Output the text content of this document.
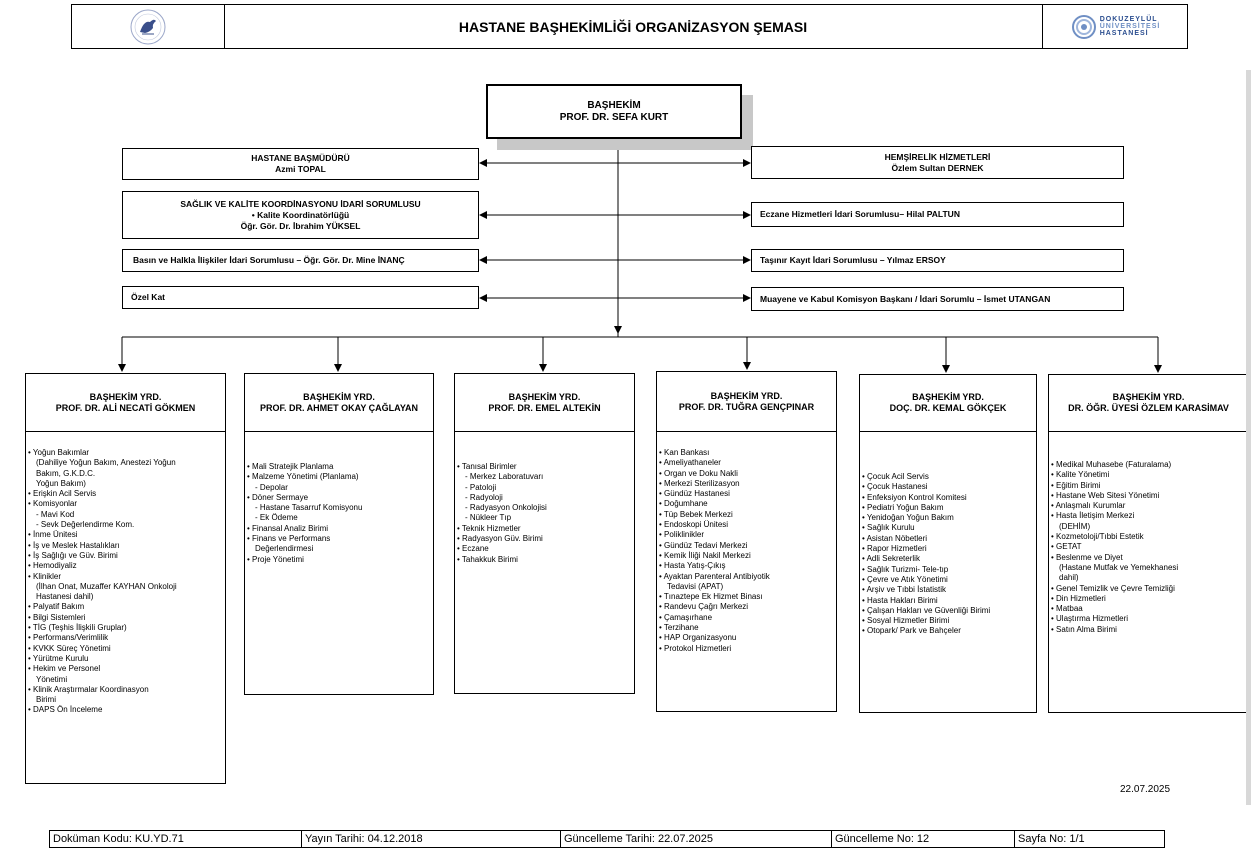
HASTANE BAŞHEKİMLİĞİ ORGANİZASYON ŞEMASI	DOKUZEYLÜL
ÜNİVERSİTESİ
HASTANESİ
BAŞHEKİM
PROF. DR. SEFA KURT
HASTANE BAŞMÜDÜRÜ
Azmi TOPAL
SAĞLIK VE KALİTE KOORDİNASYONU İDARİ SORUMLUSU
• Kalite Koordinatörlüğü
Öğr. Gör. Dr. İbrahim YÜKSEL
Basın ve Halkla İlişkiler İdari Sorumlusu – Öğr. Gör. Dr. Mine İNANÇ
Özel Kat
HEMŞİRELİK HİZMETLERİ
Özlem Sultan DERNEK
Eczane Hizmetleri İdari Sorumlusu– Hilal PALTUN
Taşınır Kayıt İdari Sorumlusu – Yılmaz ERSOY
Muayene ve Kabul Komisyon Başkanı / İdari Sorumlu – İsmet UTANGAN
BAŞHEKİM YRD.
PROF. DR. ALİ NECATİ GÖKMEN
• Yoğun Bakımlar
(Dahiliye Yoğun Bakım, Anestezi Yoğun
Bakım, G.K.D.C.
Yoğun Bakım)
• Erişkin Acil Servis
• Komisyonlar
- Mavi Kod
- Sevk Değerlendirme Kom.
• İnme Ünitesi
• İş ve Meslek Hastalıkları
• İş Sağlığı ve Güv. Birimi
• Hemodiyaliz
• Klinikler
(İlhan Onat, Muzaffer KAYHAN Onkoloji
Hastanesi dahil)
• Palyatif Bakım
• Bilgi Sistemleri
• TİG (Teşhis İlişkili Gruplar)
• Performans/Verimlilik
• KVKK Süreç Yönetimi
• Yürütme Kurulu
• Hekim ve Personel
Yönetimi
• Klinik Araştırmalar Koordinasyon
Birimi
• DAPS Ön İnceleme
BAŞHEKİM YRD.
PROF. DR. AHMET OKAY ÇAĞLAYAN
• Mali Stratejik Planlama
• Malzeme Yönetimi (Planlama)
- Depolar
• Döner Sermaye
- Hastane Tasarruf Komisyonu
- Ek Ödeme
• Finansal Analiz Birimi
• Finans ve Performans
Değerlendirmesi
• Proje Yönetimi
BAŞHEKİM YRD.
PROF. DR. EMEL ALTEKİN
• Tanısal Birimler
- Merkez Laboratuvarı
- Patoloji
- Radyoloji
- Radyasyon Onkolojisi
- Nükleer Tıp
• Teknik Hizmetler
• Radyasyon Güv. Birimi
• Eczane
• Tahakkuk Birimi
BAŞHEKİM YRD.
PROF. DR. TUĞRA GENÇPINAR
• Kan Bankası
• Ameliyathaneler
• Organ ve Doku Nakli
• Merkezi Sterilizasyon
• Gündüz Hastanesi
• Doğumhane
• Tüp Bebek Merkezi
• Endoskopi Ünitesi
• Poliklinikler
• Gündüz Tedavi Merkezi
• Kemik İliği Nakil Merkezi
• Hasta Yatış-Çıkış
• Ayaktan Parenteral Antibiyotik
Tedavisi (APAT)
• Tınaztepe Ek Hizmet Binası
• Randevu Çağrı Merkezi
• Çamaşırhane
• Terzihane
• HAP Organizasyonu
• Protokol Hizmetleri
BAŞHEKİM YRD.
DOÇ. DR. KEMAL GÖKÇEK
• Çocuk Acil Servis
• Çocuk Hastanesi
• Enfeksiyon Kontrol Komitesi
• Pediatri Yoğun Bakım
• Yenidoğan Yoğun Bakım
• Sağlık Kurulu
• Asistan Nöbetleri
• Rapor Hizmetleri
• Adli Sekreterlik
• Sağlık Turizmi- Tele-tıp
• Çevre ve Atık Yönetimi
• Arşiv ve Tıbbi İstatistik
• Hasta Hakları Birimi
• Çalışan Hakları ve Güvenliği Birimi
• Sosyal Hizmetler Birimi
• Otopark/ Park ve Bahçeler
BAŞHEKİM YRD.
DR. ÖĞR. ÜYESİ ÖZLEM KARASİMAV
• Medikal Muhasebe (Faturalama)
• Kalite Yönetimi
• Eğitim Birimi
• Hastane Web Sitesi Yönetimi
• Anlaşmalı Kurumlar
• Hasta İletişim Merkezi
(DEHİM)
• Kozmetoloji/Tıbbi Estetik
• GETAT
• Beslenme ve Diyet
(Hastane Mutfak ve Yemekhanesi
dahil)
• Genel Temizlik ve Çevre Temizliği
• Din Hizmetleri
• Matbaa
• Ulaştırma Hizmetleri
• Satın Alma Birimi
22.07.2025
Doküman Kodu: KU.YD.71	Yayın Tarihi: 04.12.2018	Güncelleme Tarihi: 22.07.2025	Güncelleme No: 12	Sayfa No: 1/1
